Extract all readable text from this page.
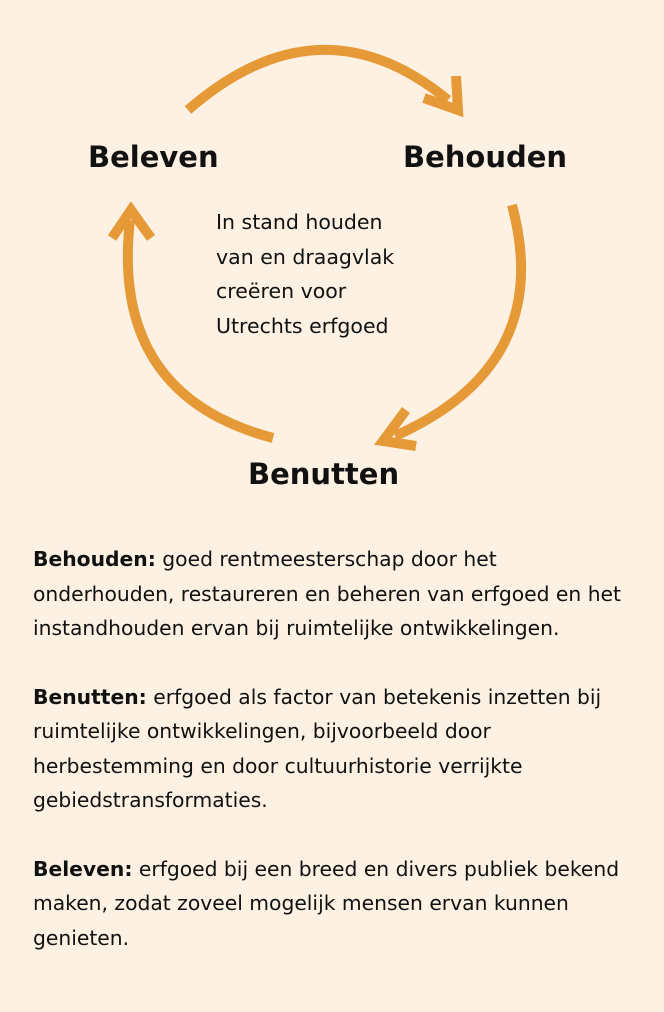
Beleven	Behouden
Benutten
In stand houden
van en draagvlak
creëren voor
Utrechts erfgoed

Behouden: goed rentmeesterschap door het onderhouden, restaureren en beheren van erfgoed en het instandhouden ervan bij ruimtelijke ontwikkelingen.

Benutten: erfgoed als factor van betekenis inzetten bij ruimtelijke ontwikkelingen, bijvoorbeeld door herbestemming en door cultuurhistorie verrijkte gebiedstransformaties.

Beleven: erfgoed bij een breed en divers publiek bekend maken, zodat zoveel mogelijk mensen ervan kunnen genieten.
